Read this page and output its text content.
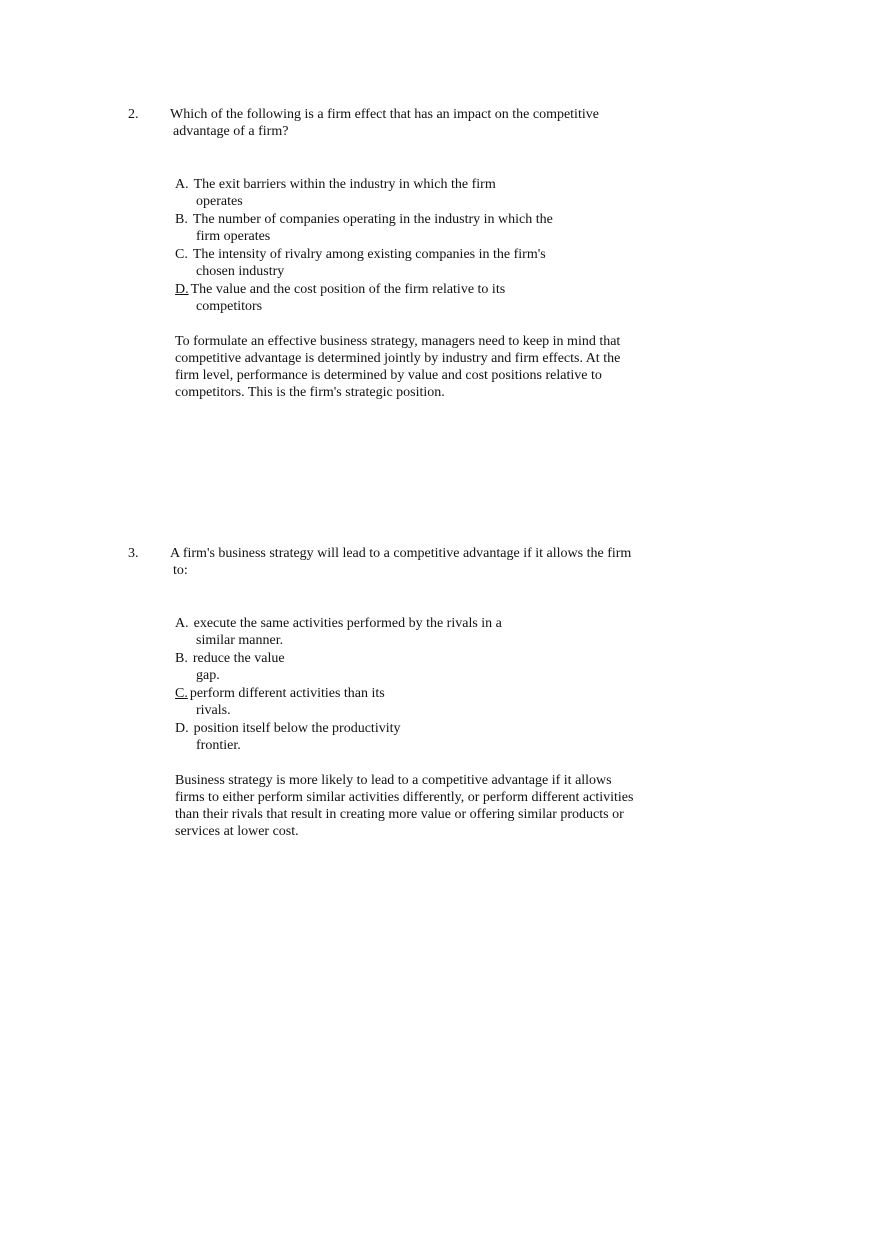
2.	Which of the following is a firm effect that has an impact on the competitive
advantage of a firm?
A. The exit barriers within the industry in which the firm
operates
B. The number of companies operating in the industry in which the
firm operates
C. The intensity of rivalry among existing companies in the firm's
chosen industry
D. The value and the cost position of the firm relative to its
competitors
To formulate an effective business strategy, managers need to keep in mind that
competitive advantage is determined jointly by industry and firm effects. At the
firm level, performance is determined by value and cost positions relative to
competitors. This is the firm's strategic position.
3.	A firm's business strategy will lead to a competitive advantage if it allows the firm
to:
A. execute the same activities performed by the rivals in a
similar manner.
B. reduce the value
gap.
C. perform different activities than its
rivals.
D. position itself below the productivity
frontier.
Business strategy is more likely to lead to a competitive advantage if it allows
firms to either perform similar activities differently, or perform different activities
than their rivals that result in creating more value or offering similar products or
services at lower cost.
